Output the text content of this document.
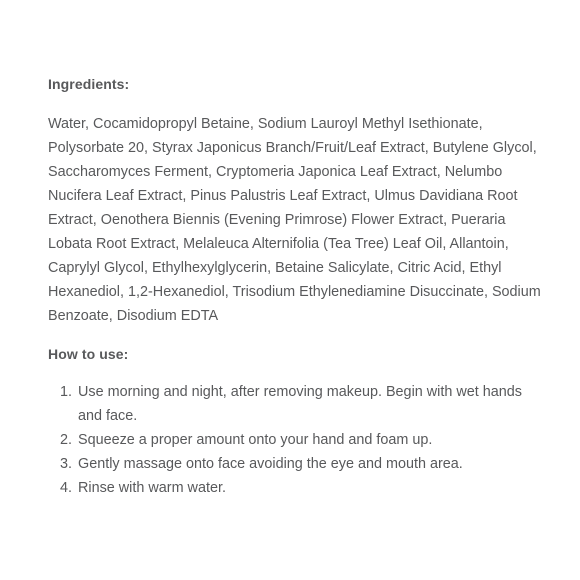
Ingredients:

Water, Cocamidopropyl Betaine, Sodium Lauroyl Methyl Isethionate, Polysorbate 20, Styrax Japonicus Branch/Fruit/Leaf Extract, Butylene Glycol, Saccharomyces Ferment, Cryptomeria Japonica Leaf Extract, Nelumbo Nucifera Leaf Extract, Pinus Palustris Leaf Extract, Ulmus Davidiana Root Extract, Oenothera Biennis (Evening Primrose) Flower Extract, Pueraria Lobata Root Extract, Melaleuca Alternifolia (Tea Tree) Leaf Oil, Allantoin, Caprylyl Glycol, Ethylhexylglycerin, Betaine Salicylate, Citric Acid, Ethyl Hexanediol, 1,2-Hexanediol, Trisodium Ethylenediamine Disuccinate, Sodium Benzoate, Disodium EDTA

How to use:
1. Use morning and night, after removing makeup. Begin with wet hands and face.
2. Squeeze a proper amount onto your hand and foam up.
3. Gently massage onto face avoiding the eye and mouth area.
4. Rinse with warm water.
